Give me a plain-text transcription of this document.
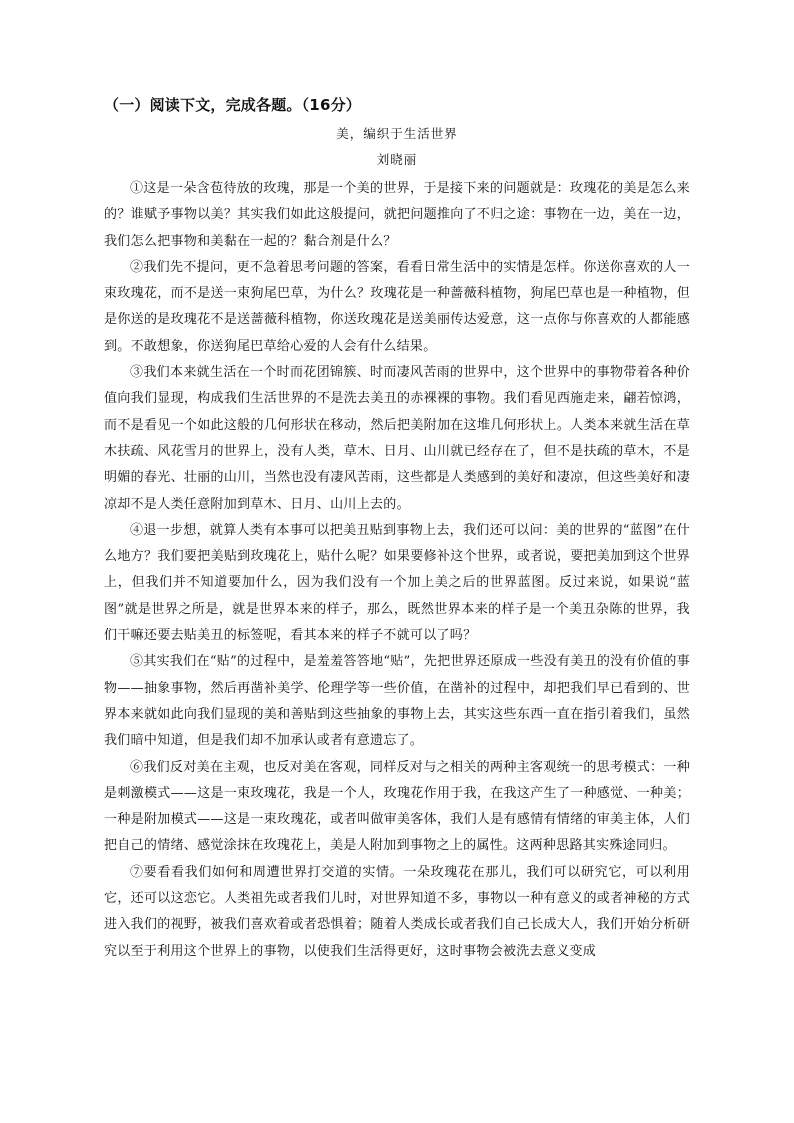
（一）阅读下文，完成各题。（16分）
美，编织于生活世界
刘晓丽

①这是一朵含苞待放的玫瑰，那是一个美的世界，于是接下来的问题就是：玫瑰花的美是怎么来的？谁赋予事物以美？其实我们如此这般提问，就把问题推向了不归之途：事物在一边，美在一边，我们怎么把事物和美黏在一起的？黏合剂是什么？

②我们先不提问，更不急着思考问题的答案，看看日常生活中的实情是怎样。你送你喜欢的人一束玫瑰花，而不是送一束狗尾巴草，为什么？玫瑰花是一种蔷薇科植物，狗尾巴草也是一种植物，但是你送的是玫瑰花不是送蔷薇科植物，你送玫瑰花是送美丽传达爱意，这一点你与你喜欢的人都能感到。不敢想象，你送狗尾巴草给心爱的人会有什么结果。

③我们本来就生活在一个时而花团锦簇、时而凄风苦雨的世界中，这个世界中的事物带着各种价值向我们显现，构成我们生活世界的不是洗去美丑的赤裸裸的事物。我们看见西施走来，翩若惊鸿，而不是看见一个如此这般的几何形状在移动，然后把美附加在这堆几何形状上。人类本来就生活在草木扶疏、风花雪月的世界上，没有人类，草木、日月、山川就已经存在了，但不是扶疏的草木，不是明媚的春光、壮丽的山川，当然也没有凄风苦雨，这些都是人类感到的美好和凄凉，但这些美好和凄凉却不是人类任意附加到草木、日月、山川上去的。

④退一步想，就算人类有本事可以把美丑贴到事物上去，我们还可以问：美的世界的“蓝图”在什么地方？我们要把美贴到玫瑰花上，贴什么呢？如果要修补这个世界，或者说，要把美加到这个世界上，但我们并不知道要加什么，因为我们没有一个加上美之后的世界蓝图。反过来说，如果说“蓝图”就是世界之所是，就是世界本来的样子，那么，既然世界本来的样子是一个美丑杂陈的世界，我们干嘛还要去贴美丑的标签呢，看其本来的样子不就可以了吗？

⑤其实我们在“贴”的过程中，是羞羞答答地“贴”，先把世界还原成一些没有美丑的没有价值的事物——抽象事物，然后再凿补美学、伦理学等一些价值，在凿补的过程中，却把我们早已看到的、世界本来就如此向我们显现的美和善贴到这些抽象的事物上去，其实这些东西一直在指引着我们，虽然我们暗中知道，但是我们却不加承认或者有意遗忘了。

⑥我们反对美在主观，也反对美在客观，同样反对与之相关的两种主客观统一的思考模式：一种是刺激模式——这是一束玫瑰花，我是一个人，玫瑰花作用于我，在我这产生了一种感觉、一种美；一种是附加模式——这是一束玫瑰花，或者叫做审美客体，我们人是有感情有情绪的审美主体，人们把自己的情绪、感觉涂抹在玫瑰花上，美是人附加到事物之上的属性。这两种思路其实殊途同归。

⑦要看看我们如何和周遭世界打交道的实情。一朵玫瑰花在那儿，我们可以研究它，可以利用它，还可以这恋它。人类祖先或者我们儿时，对世界知道不多，事物以一种有意义的或者神秘的方式进入我们的视野，被我们喜欢着或者恐惧着；随着人类成长或者我们自己长成大人，我们开始分析研究以至于利用这个世界上的事物，以使我们生活得更好，这时事物会被洗去意义变成
